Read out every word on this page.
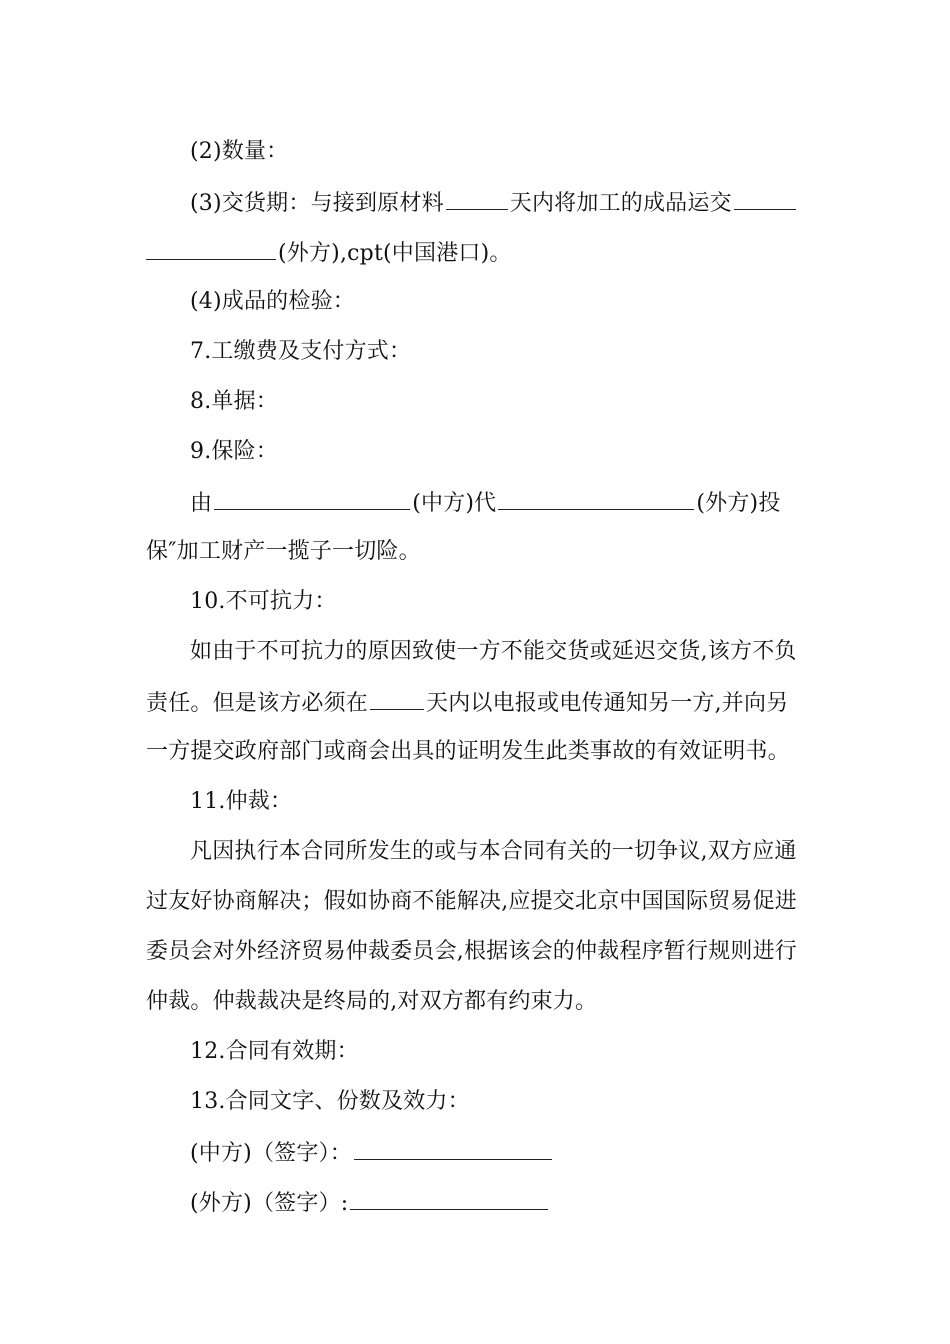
(2)数量：
(3)交货期：与接到原材料	天内将加工的成品运交
(外方),cpt(中国港口)。
(4)成品的检验：
7.工缴费及支付方式：
8.单据：
9.保险：
由	(中方)代	(外方)投
保″加工财产一揽子一切险。
10.不可抗力：
如由于不可抗力的原因致使一方不能交货或延迟交货,该方不负
责任。但是该方必须在	天内以电报或电传通知另一方,并向另
一方提交政府部门或商会出具的证明发生此类事故的有效证明书。
11.仲裁：
凡因执行本合同所发生的或与本合同有关的一切争议,双方应通
过友好协商解决；假如协商不能解决,应提交北京中国国际贸易促进
委员会对外经济贸易仲裁委员会,根据该会的仲裁程序暂行规则进行
仲裁。仲裁裁决是终局的,对双方都有约束力。
12.合同有效期：
13.合同文字、份数及效力：
(中方)（签字）：
(外方)（签字）:
